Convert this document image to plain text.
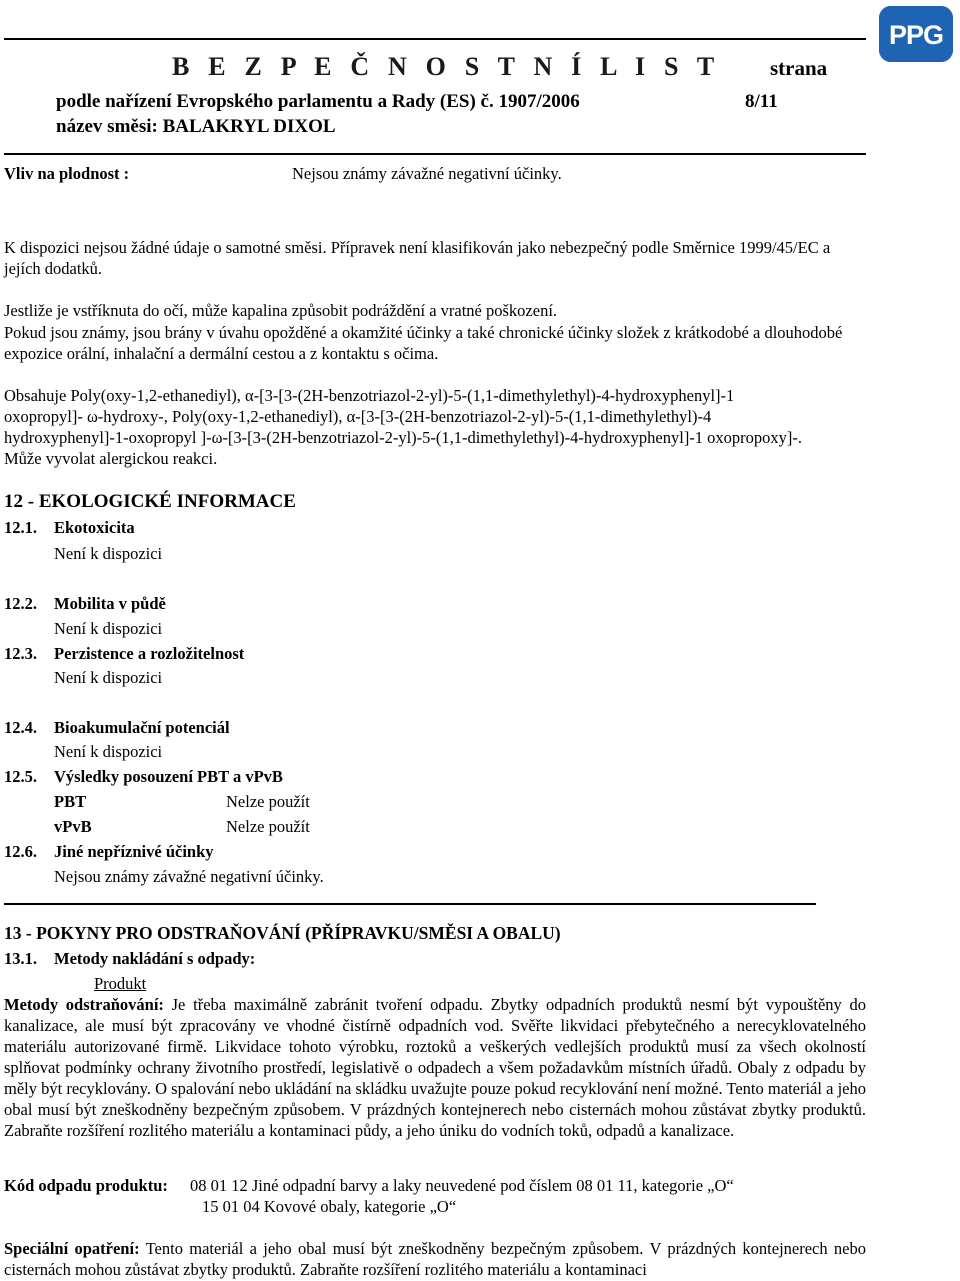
PPG
B E Z P E Č N O S T N Í L I S T strana
podle nařízení Evropského parlamentu a Rady (ES) č. 1907/2006	8/11
název směsi: BALAKRYL DIXOL
Vliv na plodnost :	Nejsou známy závažné negativní účinky.
K dispozici nejsou žádné údaje o samotné směsi. Přípravek není klasifikován jako nebezpečný podle Směrnice 1999/45/EC a jejích dodatků.
Jestliže je vstříknuta do očí, může kapalina způsobit podráždění a vratné poškození.
Pokud jsou známy, jsou brány v úvahu opožděné a okamžité účinky a také chronické účinky složek z krátkodobé a dlouhodobé expozice orální, inhalační a dermální cestou a z kontaktu s očima.
Obsahuje Poly(oxy-1,2-ethanediyl), α-[3-[3-(2H-benzotriazol-2-yl)-5-(1,1-dimethylethyl)-4-hydroxyphenyl]-1 oxopropyl]- ω-hydroxy-, Poly(oxy-1,2-ethanediyl), α-[3-[3-(2H-benzotriazol-2-yl)-5-(1,1-dimethylethyl)-4 hydroxyphenyl]-1-oxopropyl ]-ω-[3-[3-(2H-benzotriazol-2-yl)-5-(1,1-dimethylethyl)-4-hydroxyphenyl]-1 oxopropoxy]-. Může vyvolat alergickou reakci.
12 - EKOLOGICKÉ INFORMACE
12.1. Ekotoxicita
Není k dispozici
12.2. Mobilita v půdě
Není k dispozici
12.3. Perzistence a rozložitelnost
Není k dispozici
12.4. Bioakumulační potenciál
Není k dispozici
12.5. Výsledky posouzení PBT a vPvB
PBT	Nelze použít
vPvB	Nelze použít
12.6. Jiné nepříznivé účinky
Nejsou známy závažné negativní účinky.
13 - POKYNY PRO ODSTRAŇOVÁNÍ (PŘÍPRAVKU/SMĚSI A OBALU)
13.1. Metody nakládání s odpady:
Produkt
Metody odstraňování: Je třeba maximálně zabránit tvoření odpadu. Zbytky odpadních produktů nesmí být vypouštěny do kanalizace, ale musí být zpracovány ve vhodné čistírně odpadních vod. Svěřte likvidaci přebytečného a nerecyklovatelného materiálu autorizované firmě. Likvidace tohoto výrobku, roztoků a veškerých vedlejších produktů musí za všech okolností splňovat podmínky ochrany životního prostředí, legislativě o odpadech a všem požadavkům místních úřadů. Obaly z odpadu by měly být recyklovány. O spalování nebo ukládání na skládku uvažujte pouze pokud recyklování není možné. Tento materiál a jeho obal musí být zneškodněny bezpečným způsobem. V prázdných kontejnerech nebo cisternách mohou zůstávat zbytky produktů. Zabraňte rozšíření rozlitého materiálu a kontaminaci půdy, a jeho úniku do vodních toků, odpadů a kanalizace.
Kód odpadu produktu: 08 01 12 Jiné odpadní barvy a laky neuvedené pod číslem 08 01 11, kategorie „O“
15 01 04 Kovové obaly, kategorie „O“
Speciální opatření: Tento materiál a jeho obal musí být zneškodněny bezpečným způsobem. V prázdných kontejnerech nebo cisternách mohou zůstávat zbytky produktů. Zabraňte rozšíření rozlitého materiálu a kontaminaci
